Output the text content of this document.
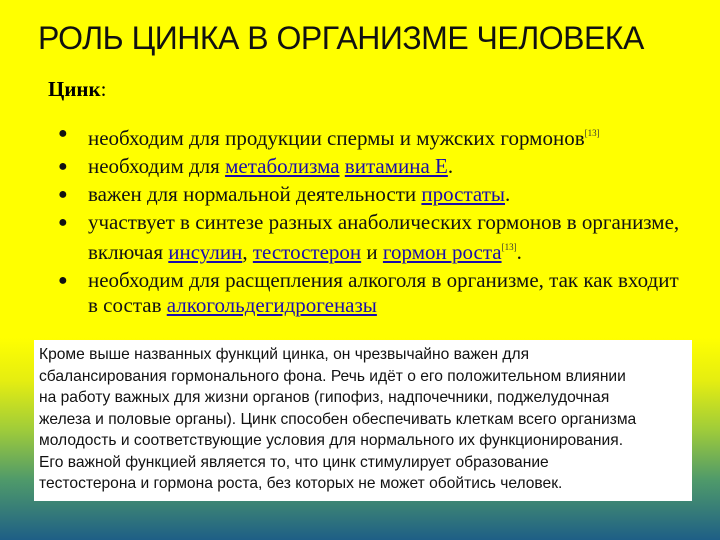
РОЛЬ ЦИНКА В ОРГАНИЗМЕ ЧЕЛОВЕКА
Цинк:
● необходим для продукции спермы и мужских гормонов[13]
● необходим для метаболизма витамина E.
● важен для нормальной деятельности простаты.
● участвует в синтезе разных анаболических гормонов в организме, включая инсулин, тестостерон и гормон роста[13].
● необходим для расщепления алкоголя в организме, так как входит в состав алкогольдегидрогеназы
Кроме выше названных функций цинка, он чрезвычайно важен для
сбалансирования гормонального фона. Речь идёт о его положительном влиянии
на работу важных для жизни органов (гипофиз, надпочечники, поджелудочная
железа и половые органы). Цинк способен обеспечивать клеткам всего организма
молодость и соответствующие условия для нормального их функционирования.
Его важной функцией является то, что цинк стимулирует образование
тестостерона и гормона роста, без которых не может обойтись человек.
